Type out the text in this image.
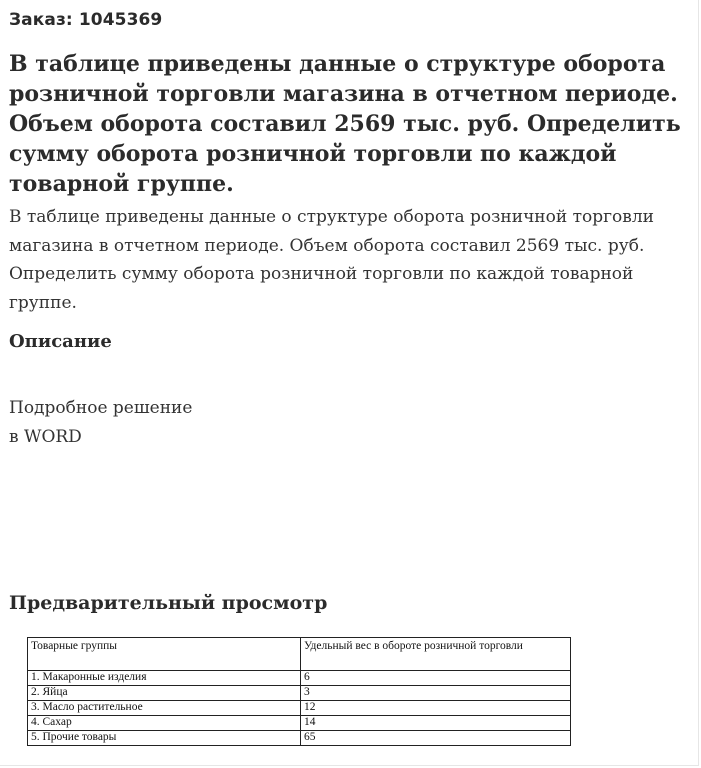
Заказ: 1045369
В таблице приведены данные о структуре оборота розничной торговли магазина в отчетном периоде. Объем оборота составил 2569 тыс. руб. Определить сумму оборота розничной торговли по каждой товарной группе.

В таблице приведены данные о структуре оборота розничной торговли магазина в отчетном периоде. Объем оборота составил 2569 тыс. руб. Определить сумму оборота розничной торговли по каждой товарной группе.

Описание
Подробное решение
в WORD
Предварительный просмотр
Товарные группы	Удельный вес в обороте розничной торговли
1. Макаронные изделия	6
2. Яйца	3
3. Масло растительное	12
4. Сахар	14
5. Прочие товары	65
